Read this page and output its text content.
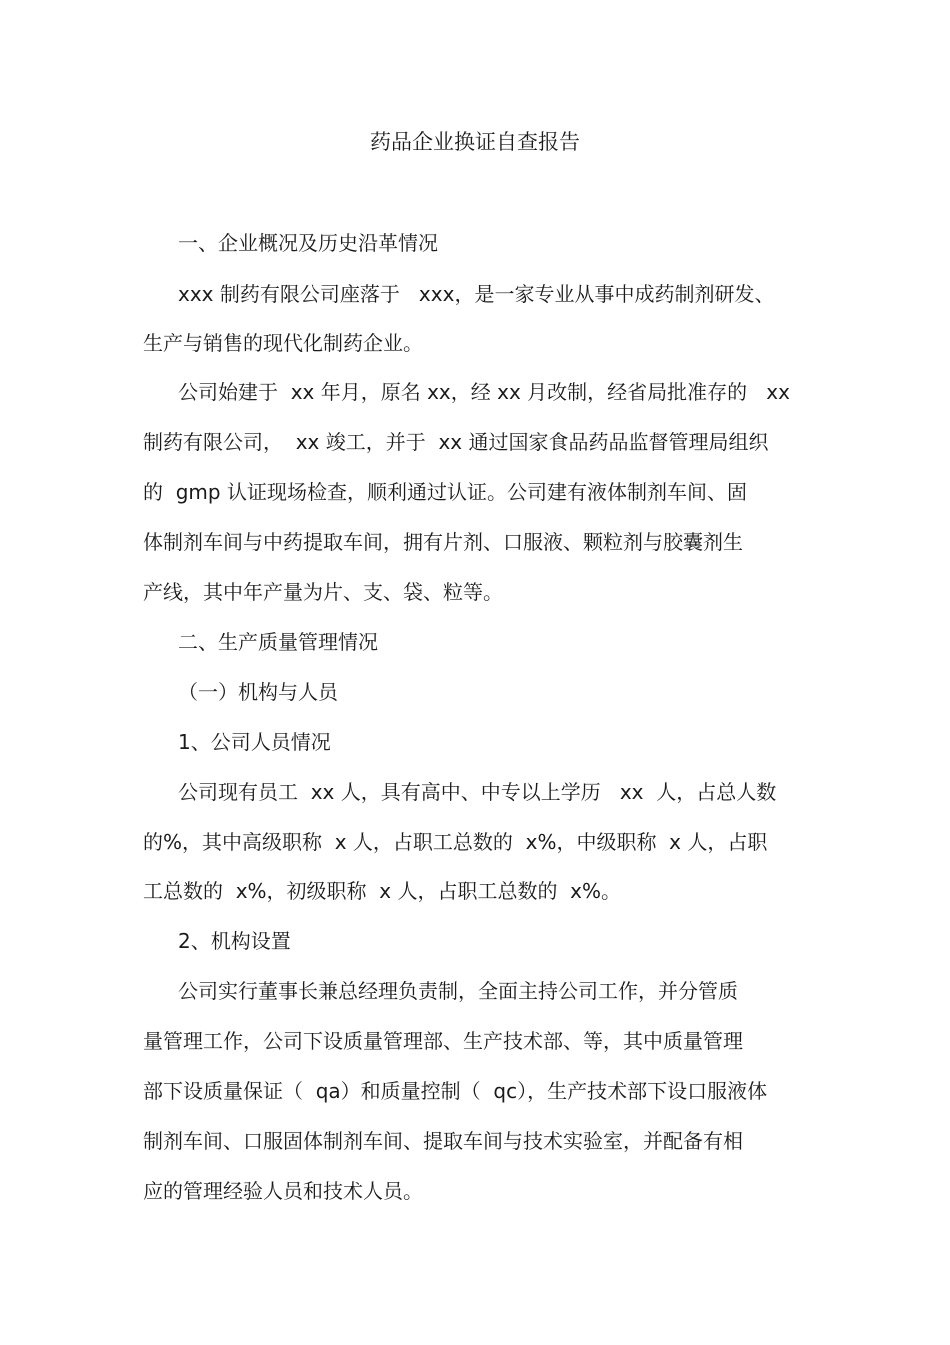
药品企业换证自查报告
一、企业概况及历史沿革情况
xxx 制药有限公司座落于   xxx，是一家专业从事中成药制剂研发、
生产与销售的现代化制药企业。
公司始建于  xx 年月，原名 xx，经 xx 月改制，经省局批准存的   xx
制药有限公司，  xx 竣工，并于  xx 通过国家食品药品监督管理局组织
的  gmp 认证现场检查，顺利通过认证。公司建有液体制剂车间、固
体制剂车间与中药提取车间，拥有片剂、口服液、颗粒剂与胶囊剂生
产线，其中年产量为片、支、袋、粒等。
二、生产质量管理情况
（一）机构与人员
1、公司人员情况
公司现有员工  xx 人，具有高中、中专以上学历   xx  人，占总人数
的%，其中高级职称  x 人，占职工总数的  x%，中级职称  x 人，占职
工总数的  x%，初级职称  x 人，占职工总数的  x%。
2、机构设置
公司实行董事长兼总经理负责制，全面主持公司工作，并分管质
量管理工作，公司下设质量管理部、生产技术部、等，其中质量管理
部下设质量保证（  qa）和质量控制（  qc），生产技术部下设口服液体
制剂车间、口服固体制剂车间、提取车间与技术实验室，并配备有相
应的管理经验人员和技术人员。
